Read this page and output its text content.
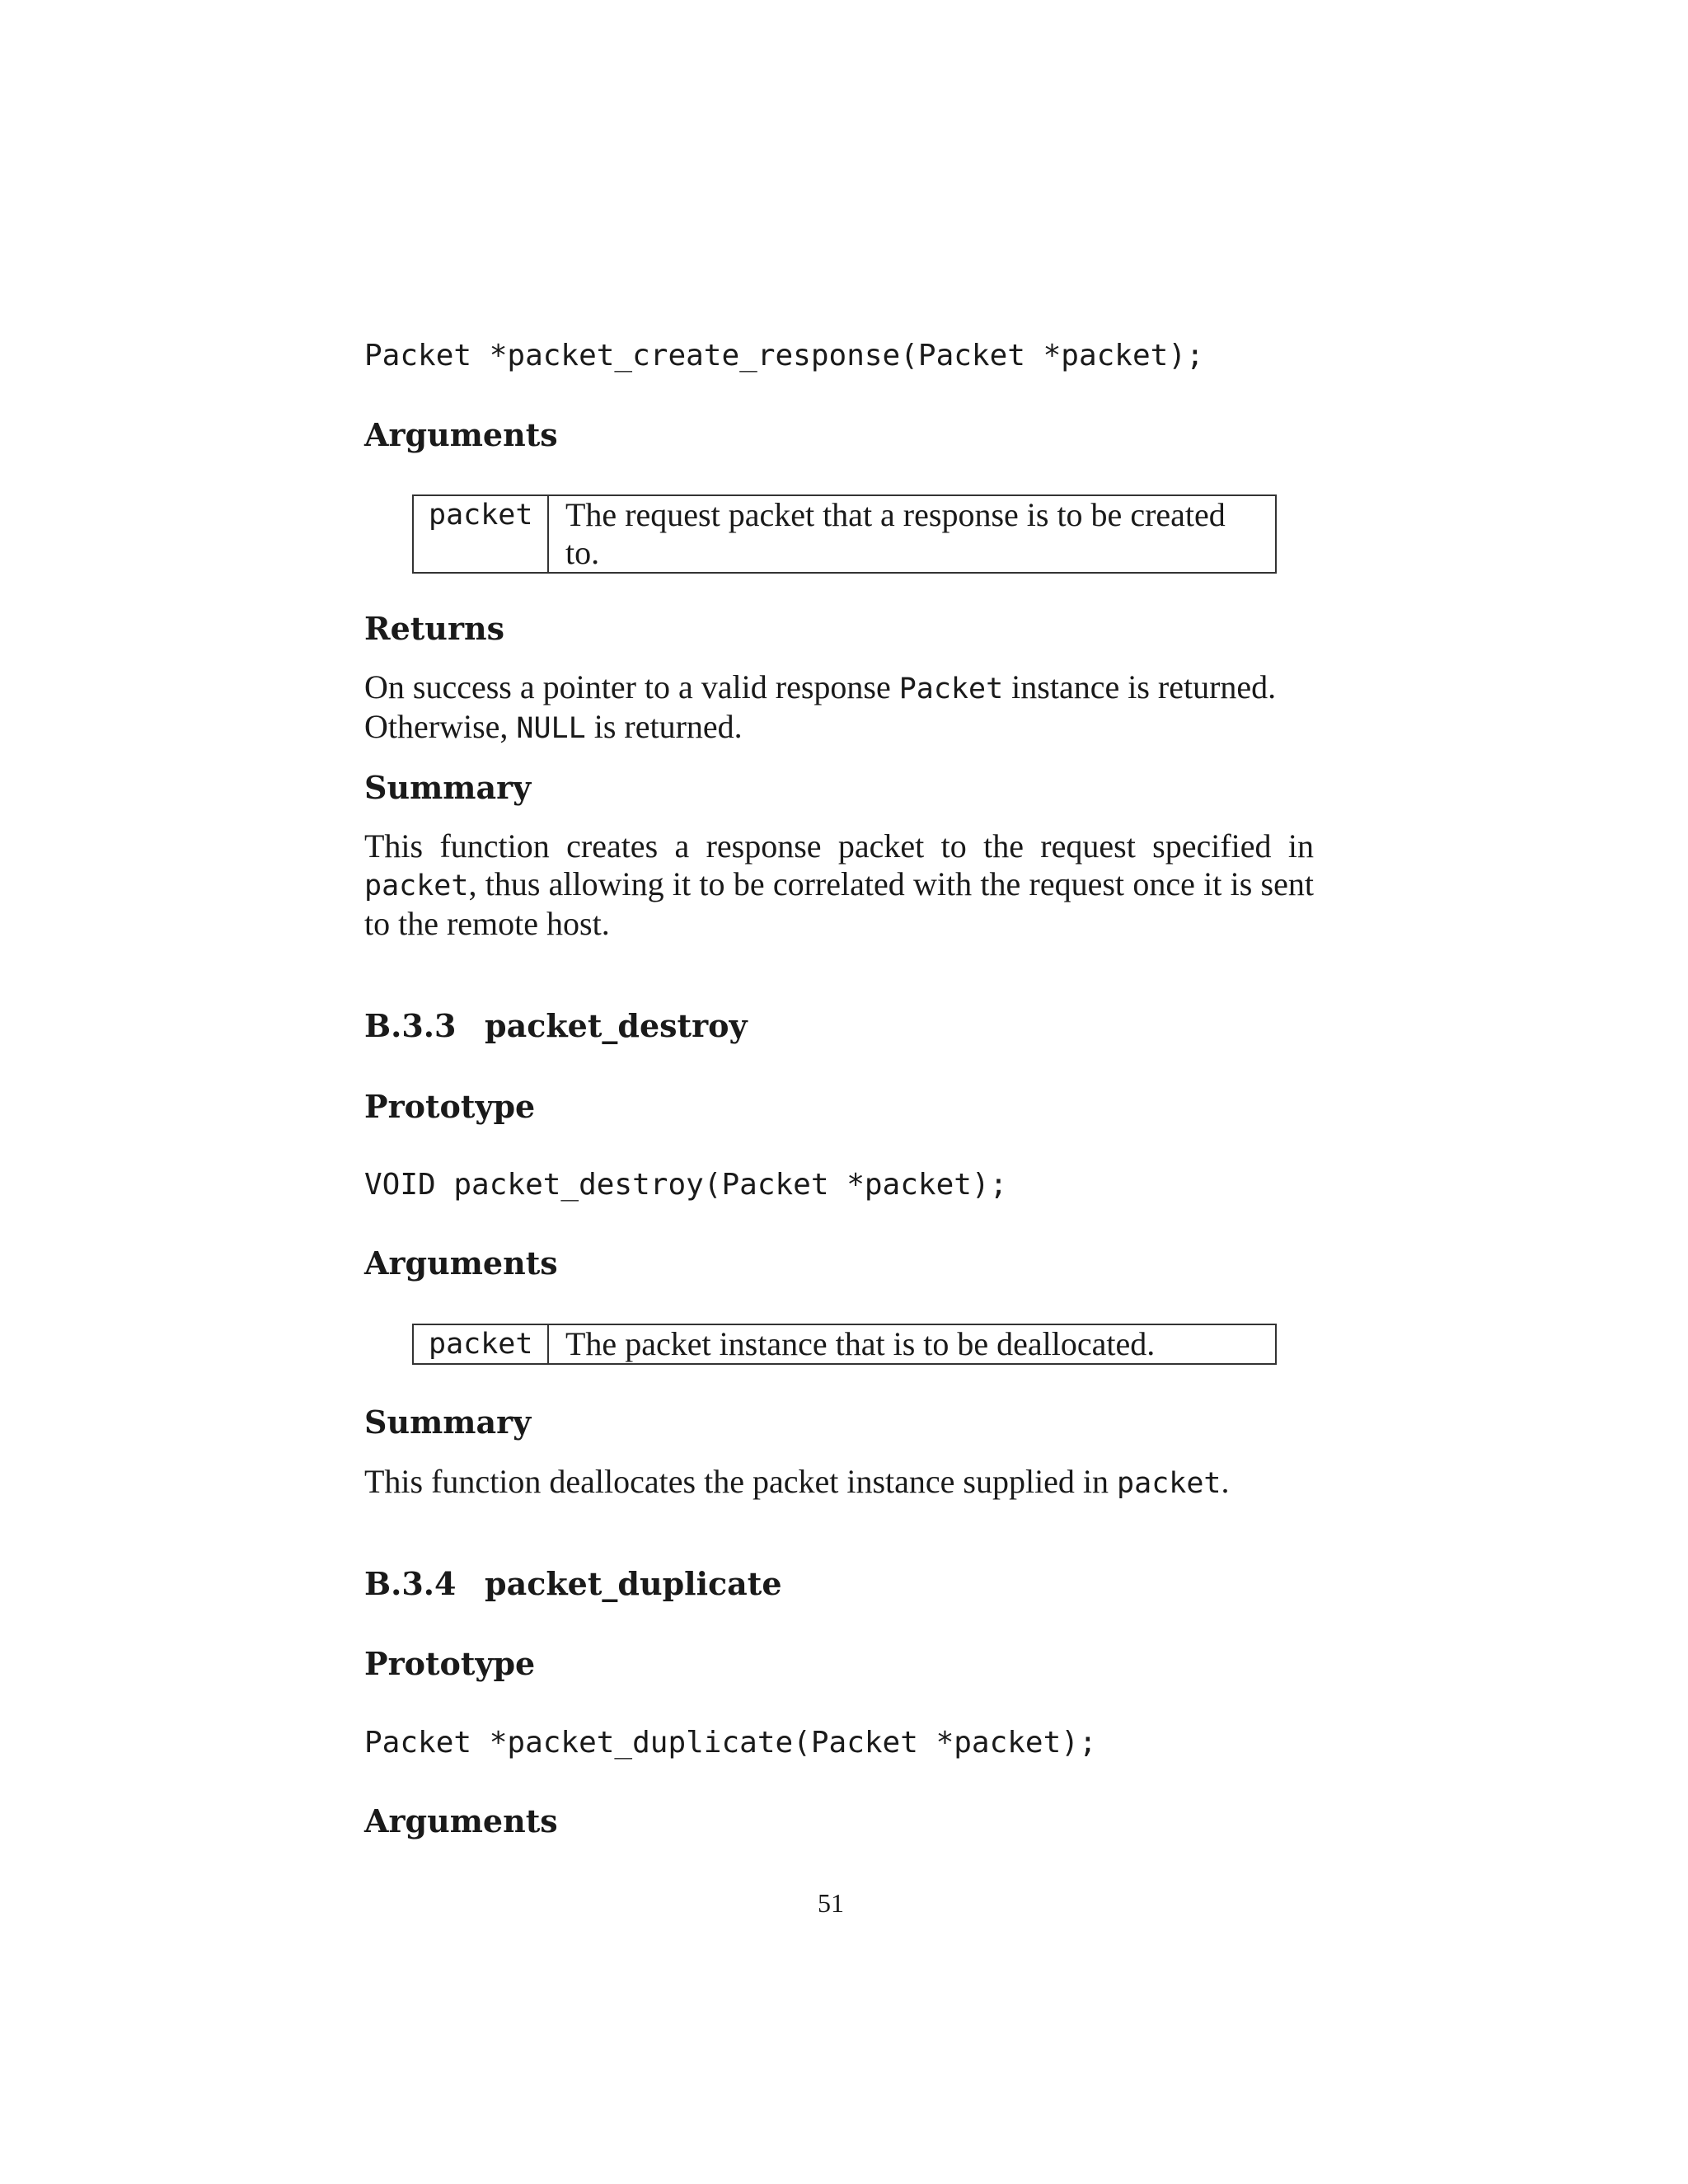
Packet *packet_create_response(Packet *packet);
Arguments
packet The request packet that a response is to be created to.
Returns
On success a pointer to a valid response Packet instance is returned. Otherwise, NULL is returned.
Summary
This function creates a response packet to the request specified in packet, thus allowing it to be correlated with the request once it is sent to the remote host.
B.3.3 packet_destroy
Prototype
VOID packet_destroy(Packet *packet);
Arguments
packet The packet instance that is to be deallocated.
Summary
This function deallocates the packet instance supplied in packet.
B.3.4 packet_duplicate
Prototype
Packet *packet_duplicate(Packet *packet);
Arguments
51
